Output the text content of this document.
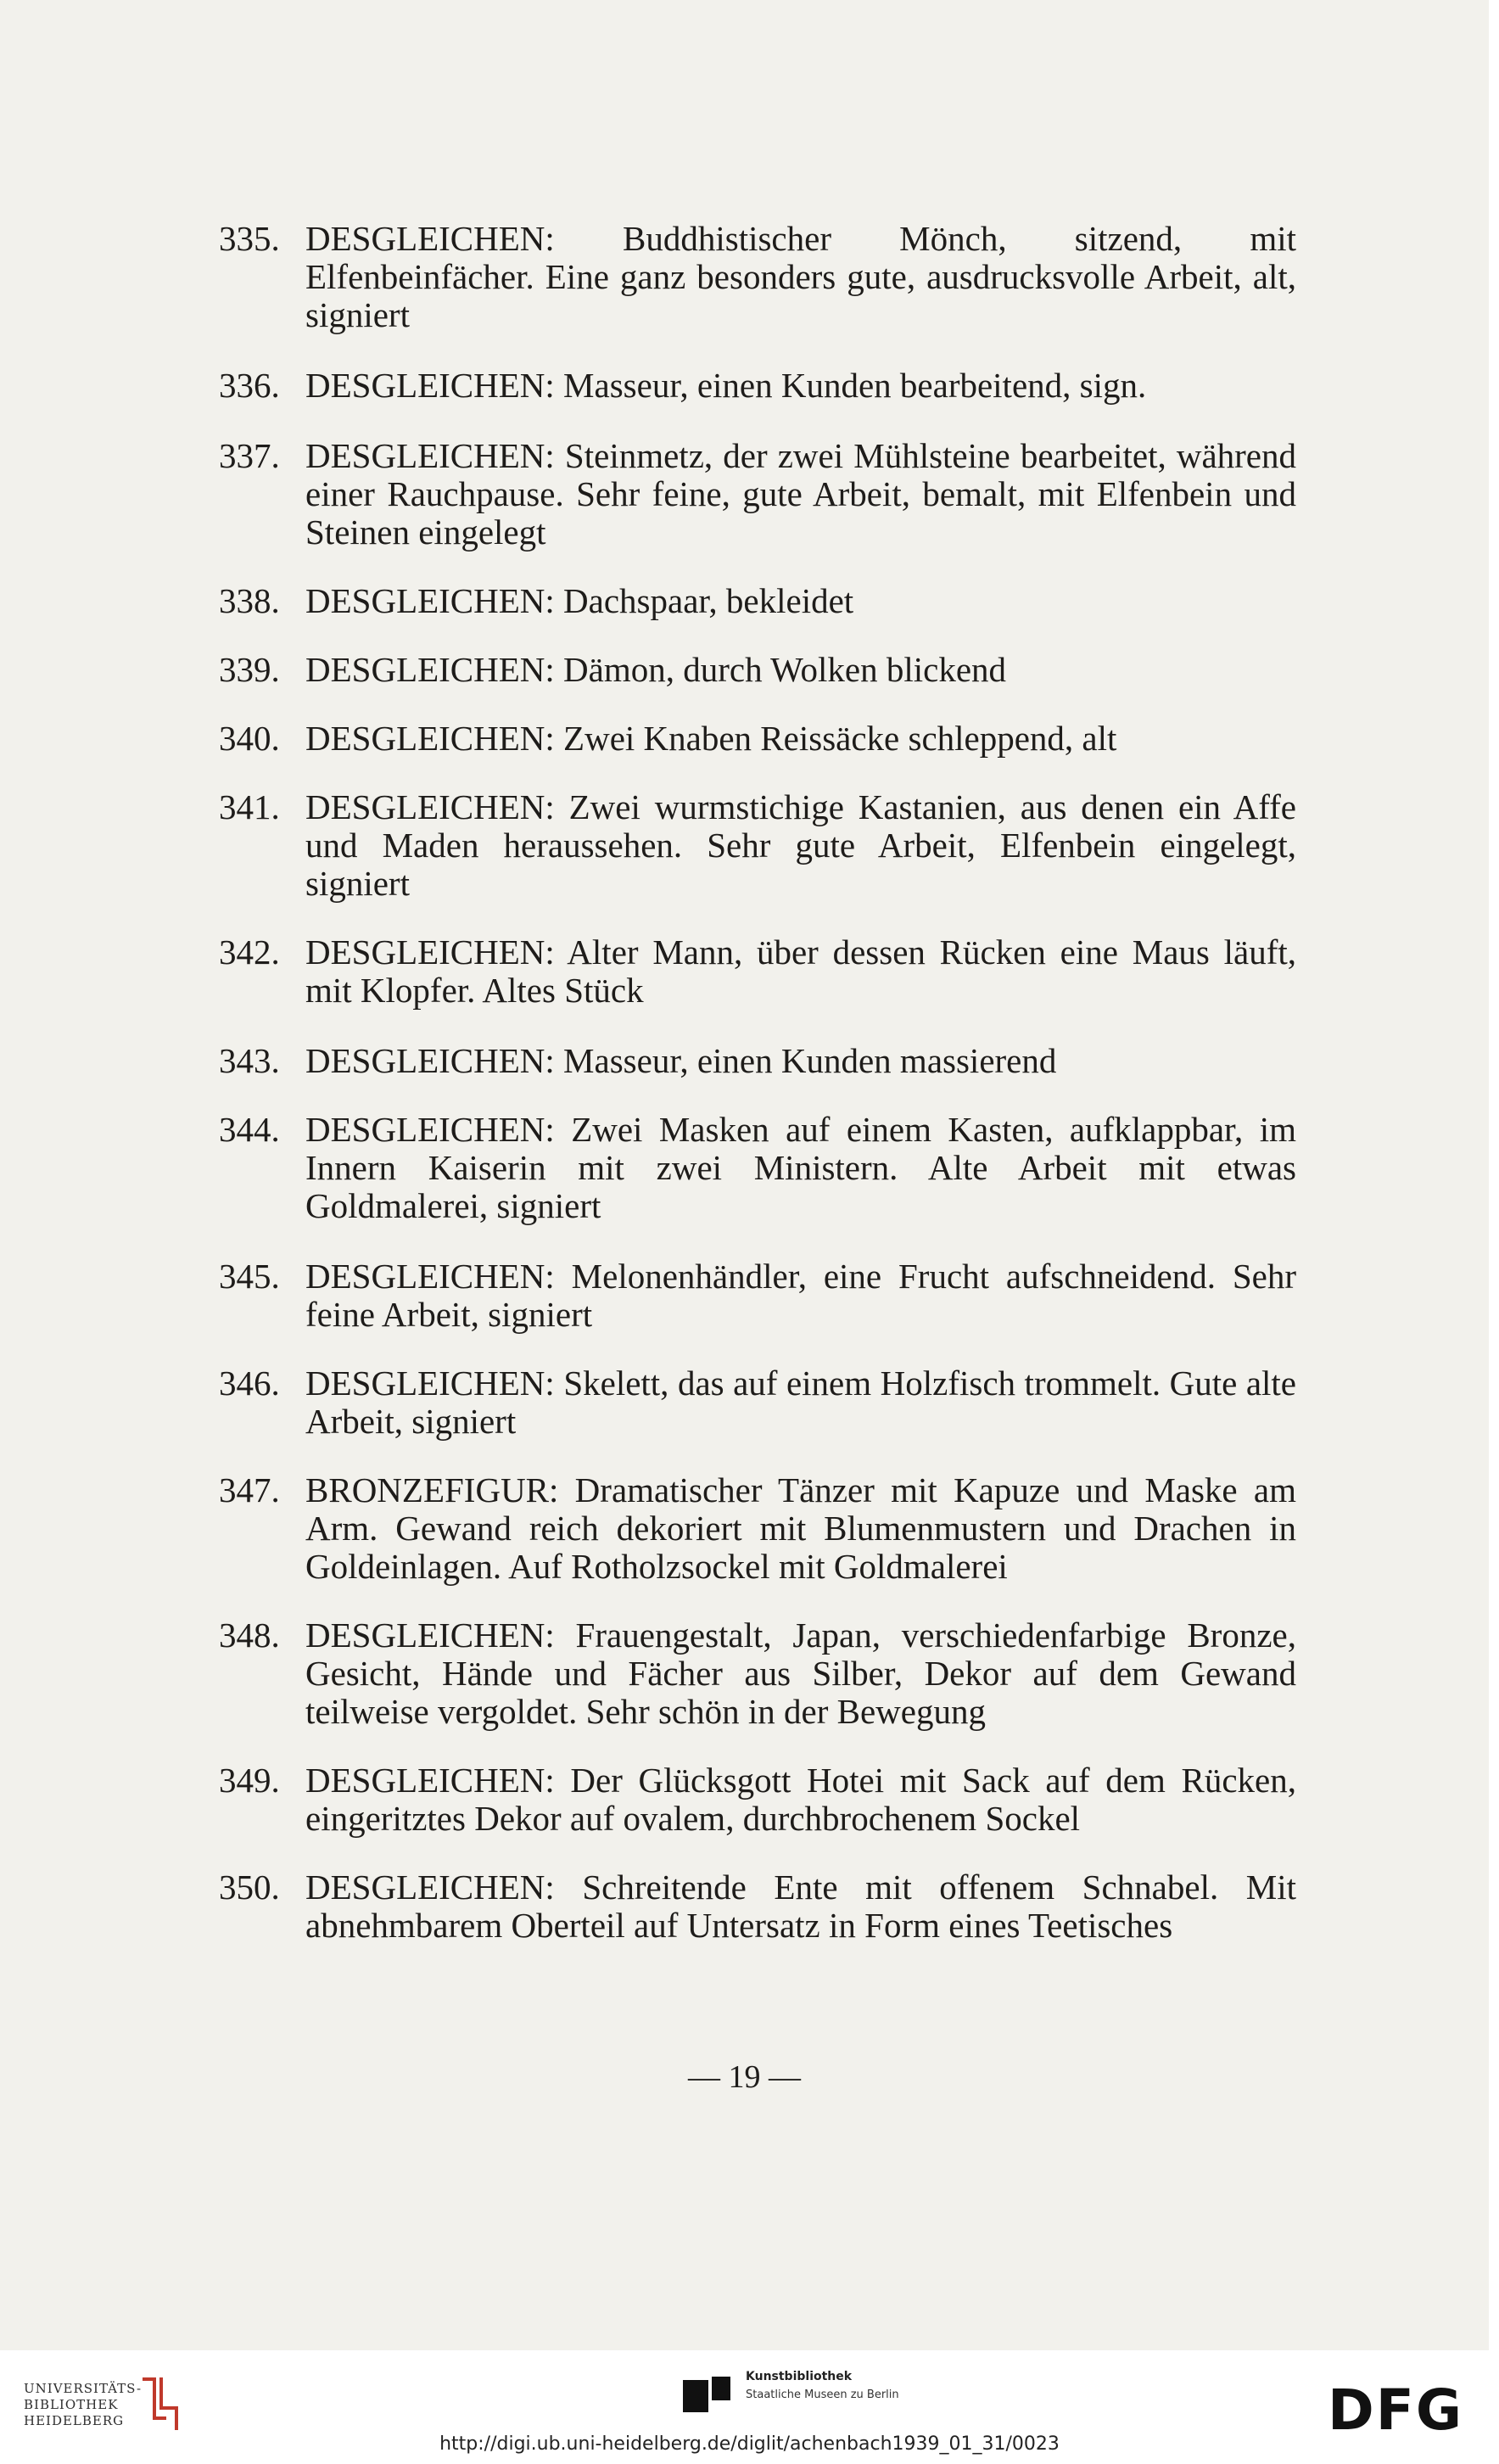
335. DESGLEICHEN: Buddhistischer Mönch, sitzend, mit Elfenbeinfächer. Eine ganz besonders gute, ausdrucksvolle Arbeit, alt, signiert
336. DESGLEICHEN: Masseur, einen Kunden bearbeitend, sign.
337. DESGLEICHEN: Steinmetz, der zwei Mühlsteine bearbeitet, während einer Rauchpause. Sehr feine, gute Arbeit, bemalt, mit Elfenbein und Steinen eingelegt
338. DESGLEICHEN: Dachspaar, bekleidet
339. DESGLEICHEN: Dämon, durch Wolken blickend
340. DESGLEICHEN: Zwei Knaben Reissäcke schleppend, alt
341. DESGLEICHEN: Zwei wurmstichige Kastanien, aus denen ein Affe und Maden heraussehen. Sehr gute Arbeit, Elfenbein eingelegt, signiert
342. DESGLEICHEN: Alter Mann, über dessen Rücken eine Maus läuft, mit Klopfer. Altes Stück
343. DESGLEICHEN: Masseur, einen Kunden massierend
344. DESGLEICHEN: Zwei Masken auf einem Kasten, aufklappbar, im Innern Kaiserin mit zwei Ministern. Alte Arbeit mit etwas Goldmalerei, signiert
345. DESGLEICHEN: Melonenhändler, eine Frucht aufschneidend. Sehr feine Arbeit, signiert
346. DESGLEICHEN: Skelett, das auf einem Holzfisch trommelt. Gute alte Arbeit, signiert
347. BRONZEFIGUR: Dramatischer Tänzer mit Kapuze und Maske am Arm. Gewand reich dekoriert mit Blumenmustern und Drachen in Goldeinlagen. Auf Rotholzsockel mit Goldmalerei
348. DESGLEICHEN: Frauengestalt, Japan, verschiedenfarbige Bronze, Gesicht, Hände und Fächer aus Silber, Dekor auf dem Gewand teilweise vergoldet. Sehr schön in der Bewegung
349. DESGLEICHEN: Der Glücksgott Hotei mit Sack auf dem Rücken, eingeritztes Dekor auf ovalem, durchbrochenem Sockel
350. DESGLEICHEN: Schreitende Ente mit offenem Schnabel. Mit abnehmbarem Oberteil auf Untersatz in Form eines Teetisches
— 19 —
UNIVERSITÄTS-
BIBLIOTHEK
HEIDELBERG
Kunstbibliothek
Staatliche Museen zu Berlin	DFG
http://digi.ub.uni-heidelberg.de/diglit/achenbach1939_01_31/0023
